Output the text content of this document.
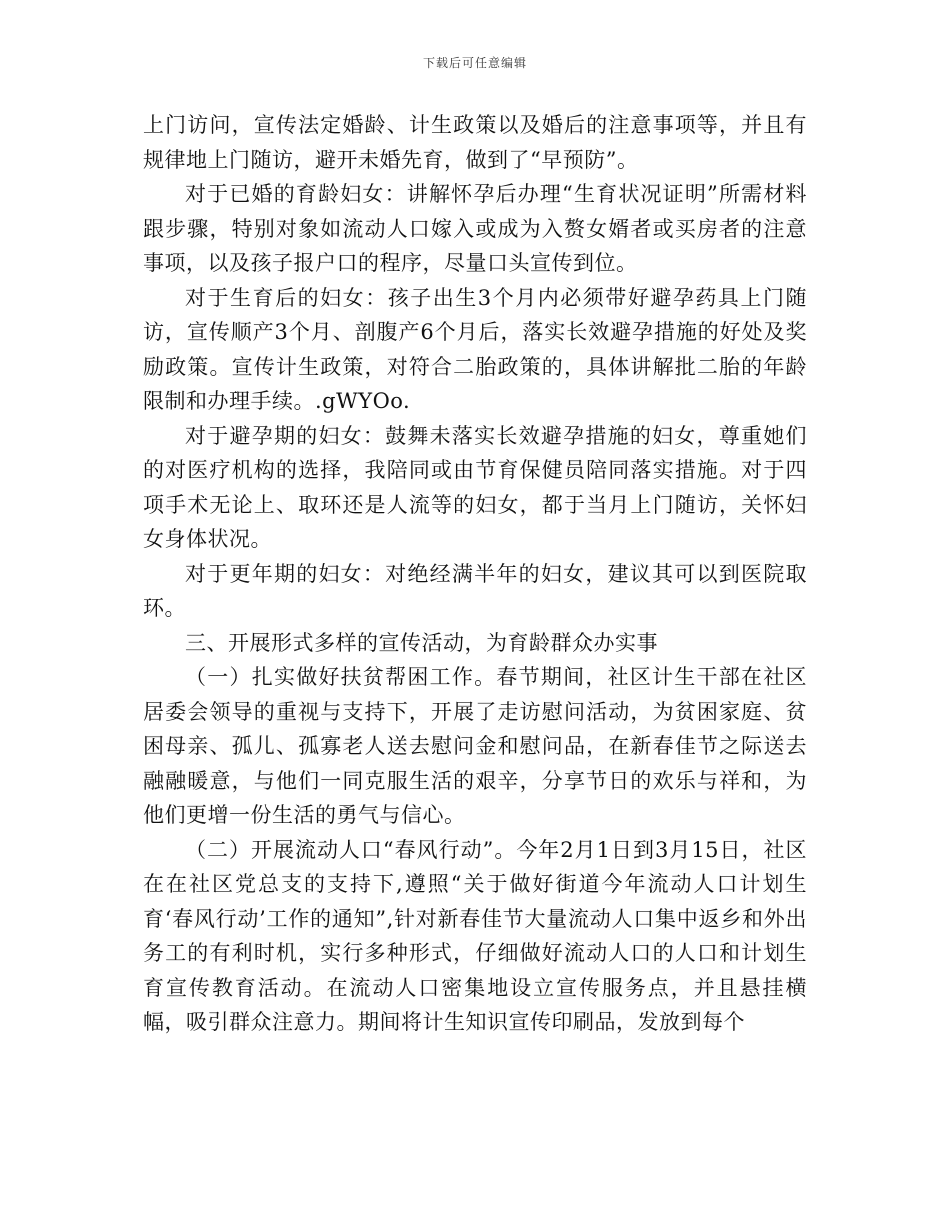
下载后可任意编辑

上门访问，宣传法定婚龄、计生政策以及婚后的注意事项等，并且有规律地上门随访，避开未婚先育，做到了“早预防”。

对于已婚的育龄妇女：讲解怀孕后办理“生育状况证明”所需材料跟步骤，特别对象如流动人口嫁入或成为入赘女婿者或买房者的注意事项，以及孩子报户口的程序，尽量口头宣传到位。

对于生育后的妇女：孩子出生3个月内必须带好避孕药具上门随访，宣传顺产3个月、剖腹产6个月后，落实长效避孕措施的好处及奖励政策。宣传计生政策，对符合二胎政策的，具体讲解批二胎的年龄限制和办理手续。.gWYOo.

对于避孕期的妇女：鼓舞未落实长效避孕措施的妇女，尊重她们的对医疗机构的选择，我陪同或由节育保健员陪同落实措施。对于四项手术无论上、取环还是人流等的妇女，都于当月上门随访，关怀妇女身体状况。

对于更年期的妇女：对绝经满半年的妇女，建议其可以到医院取环。

三、开展形式多样的宣传活动，为育龄群众办实事

（一）扎实做好扶贫帮困工作。春节期间，社区计生干部在社区居委会领导的重视与支持下，开展了走访慰问活动，为贫困家庭、贫困母亲、孤儿、孤寡老人送去慰问金和慰问品，在新春佳节之际送去融融暖意，与他们一同克服生活的艰辛，分享节日的欢乐与祥和，为他们更增一份生活的勇气与信心。

（二）开展流动人口“春风行动”。今年2月1日到3月15日，社区在在社区党总支的支持下,遵照“关于做好街道今年流动人口计划生育‘春风行动’工作的通知”,针对新春佳节大量流动人口集中返乡和外出务工的有利时机，实行多种形式，仔细做好流动人口的人口和计划生育宣传教育活动。在流动人口密集地设立宣传服务点，并且悬挂横幅，吸引群众注意力。期间将计生知识宣传印刷品，发放到每个
